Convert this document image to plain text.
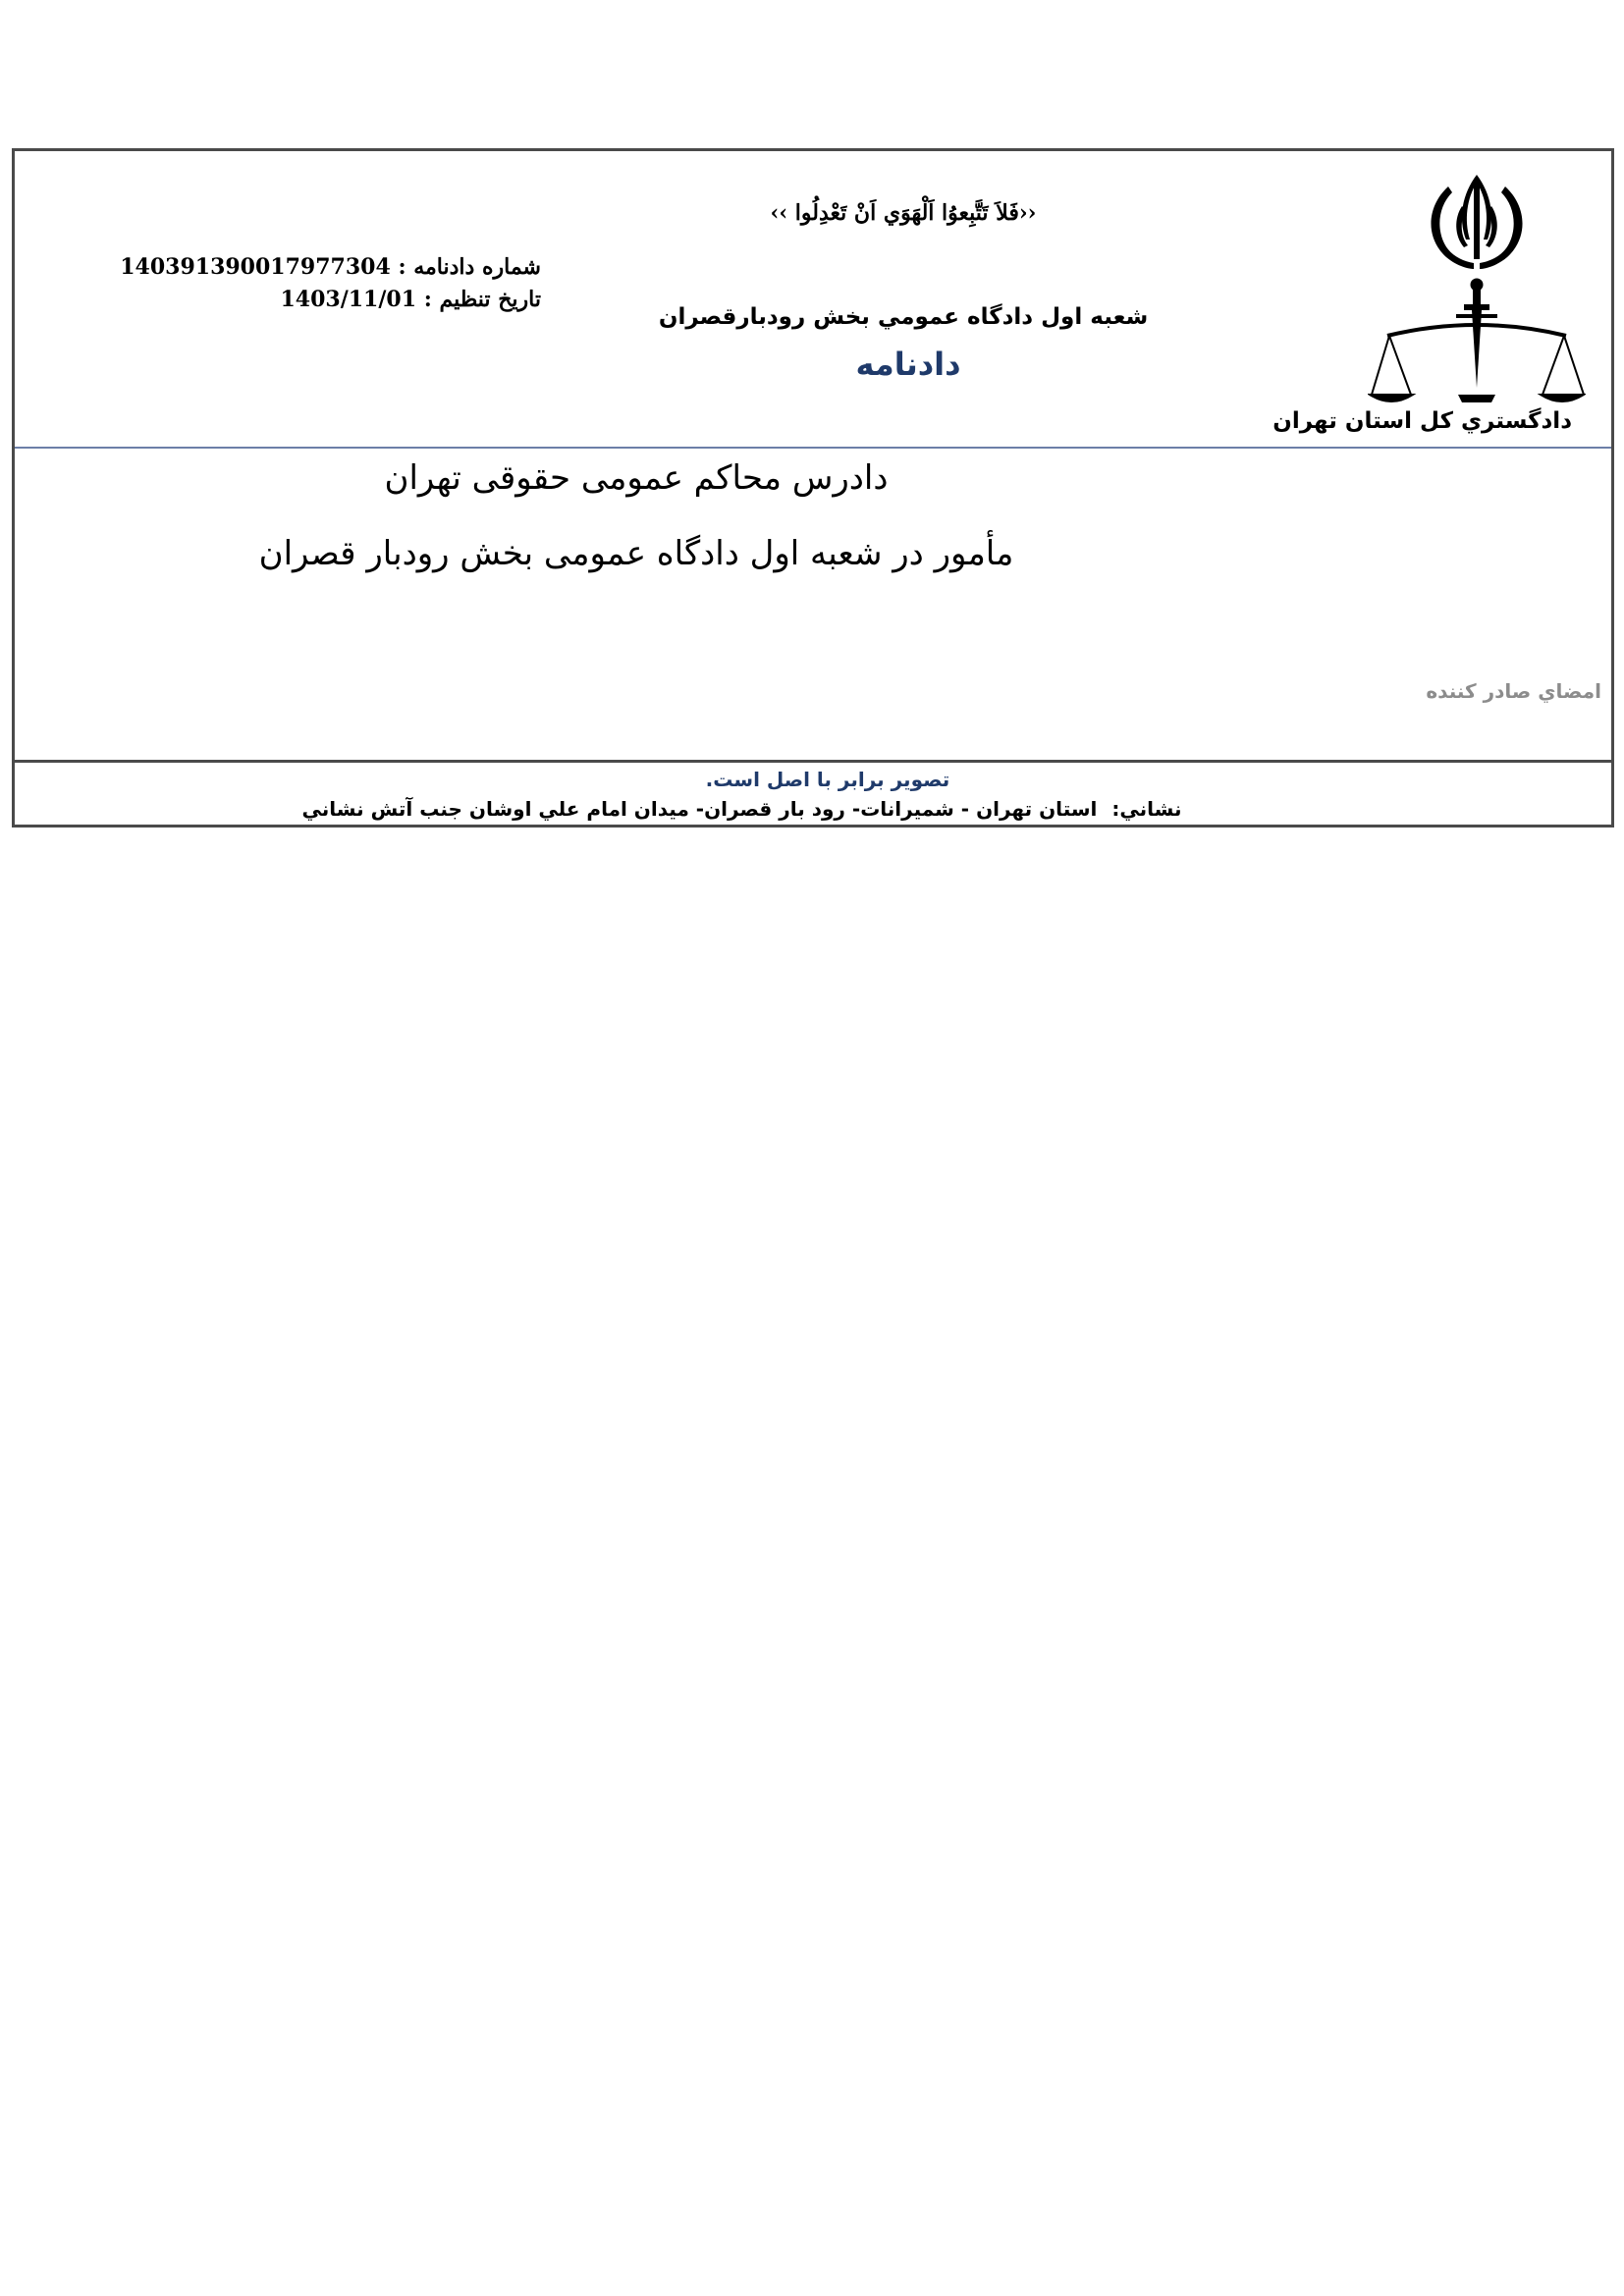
دادگستري كل استان تهران
‹‹فَلاَ تَتَّبِعوُا اَلْهَوَي اَنْ تَعْدِلُوا ››
شعبه اول دادگاه عمومي بخش رودبارقصران
دادنامه
شماره دادنامه : 140391390017977304
تاريخ تنظيم : 1403/11/01
دادرس محاکم عمومی حقوقی تهران
مأمور در شعبه اول دادگاه عمومی بخش رودبار قصران
امضاي صادر كننده
تصوير برابر با اصل است.
نشاني: استان تهران - شميرانات- رود بار قصران- ميدان امام علي اوشان جنب آتش نشاني
